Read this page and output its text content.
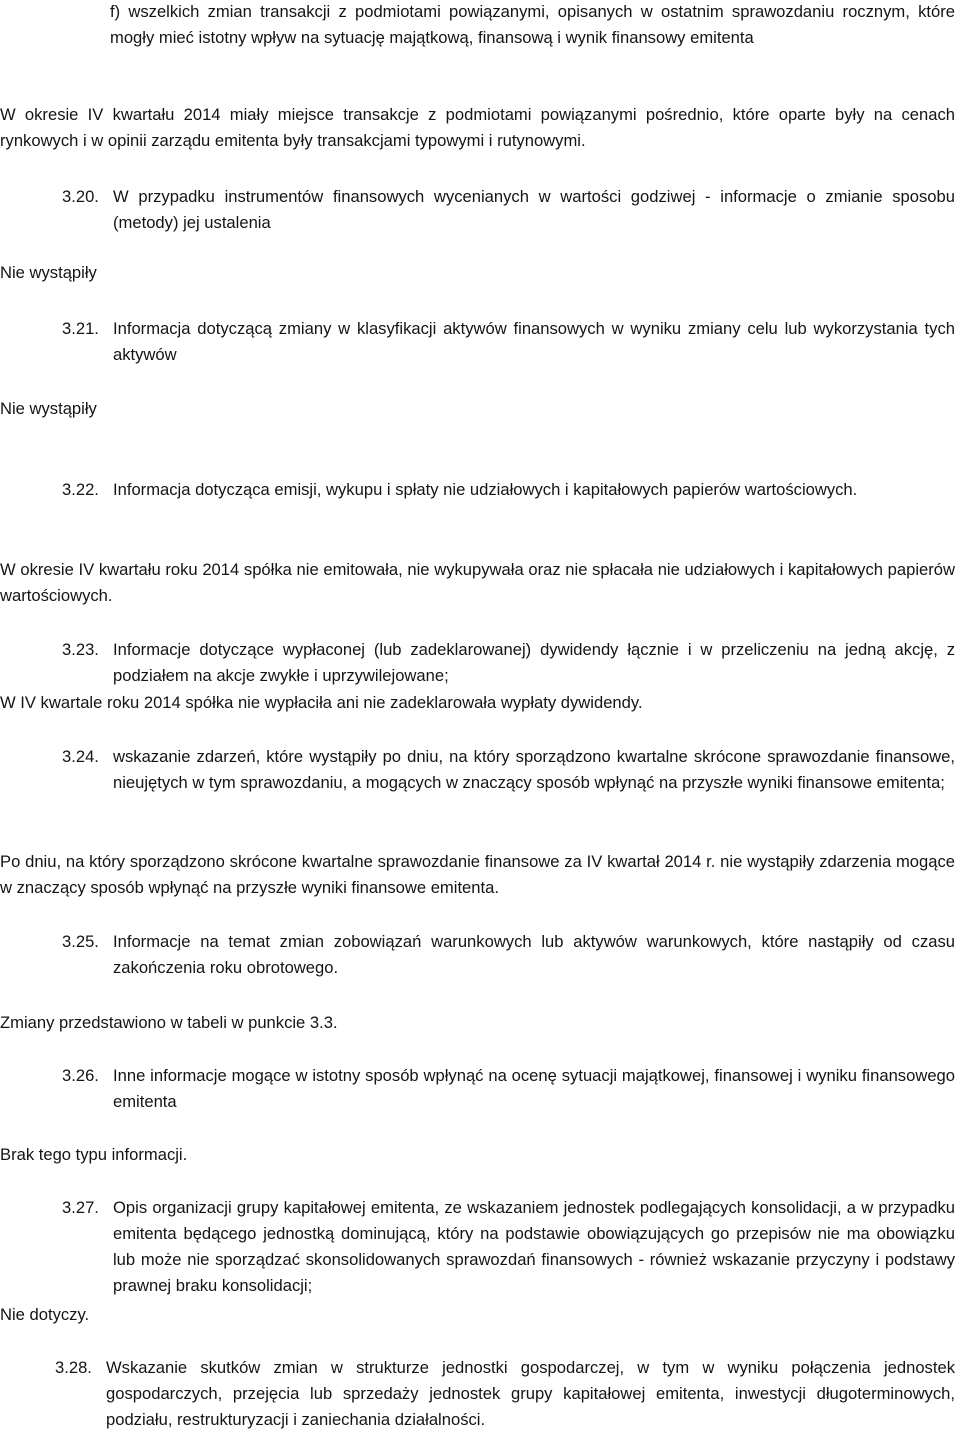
f) wszelkich zmian transakcji z podmiotami powiązanymi, opisanych w ostatnim sprawozdaniu rocznym, które mogły mieć istotny wpływ na sytuację majątkową, finansową i wynik finansowy emitenta
W okresie IV kwartału 2014 miały miejsce transakcje z podmiotami powiązanymi pośrednio, które oparte były na cenach rynkowych i w opinii zarządu emitenta były transakcjami typowymi i rutynowymi.
3.20. W przypadku instrumentów finansowych wycenianych w wartości godziwej - informacje o zmianie sposobu (metody) jej ustalenia
Nie wystąpiły
3.21. Informacja dotyczącą zmiany w klasyfikacji aktywów finansowych w wyniku zmiany celu lub wykorzystania tych aktywów
Nie wystąpiły
3.22. Informacja dotycząca emisji, wykupu i spłaty nie udziałowych i kapitałowych papierów wartościowych.
W okresie IV kwartału roku 2014 spółka nie emitowała, nie wykupywała oraz nie spłacała nie udziałowych i kapitałowych papierów wartościowych.
3.23. Informacje dotyczące wypłaconej (lub zadeklarowanej) dywidendy łącznie i w przeliczeniu na jedną akcję, z podziałem na akcje zwykłe i uprzywilejowane;
W IV kwartale roku 2014 spółka nie wypłaciła ani nie zadeklarowała wypłaty dywidendy.
3.24. wskazanie zdarzeń, które wystąpiły po dniu, na który sporządzono kwartalne skrócone sprawozdanie finansowe, nieujętych w tym sprawozdaniu, a mogących w znaczący sposób wpłynąć na przyszłe wyniki finansowe emitenta;
Po dniu, na który sporządzono skrócone kwartalne sprawozdanie finansowe za IV kwartał 2014 r. nie wystąpiły zdarzenia mogące w znaczący sposób wpłynąć na przyszłe wyniki finansowe emitenta.
3.25. Informacje na temat zmian zobowiązań warunkowych lub aktywów warunkowych, które nastąpiły od czasu zakończenia roku obrotowego.
Zmiany przedstawiono w tabeli w punkcie 3.3.
3.26. Inne informacje mogące w istotny sposób wpłynąć na ocenę sytuacji majątkowej, finansowej i wyniku finansowego emitenta
Brak tego typu informacji.
3.27. Opis organizacji grupy kapitałowej emitenta, ze wskazaniem jednostek podlegających konsolidacji, a w przypadku emitenta będącego jednostką dominującą, który na podstawie obowiązujących go przepisów nie ma obowiązku lub może nie sporządzać skonsolidowanych sprawozdań finansowych - również wskazanie przyczyny i podstawy prawnej braku konsolidacji;
Nie dotyczy.
3.28. Wskazanie skutków zmian w strukturze jednostki gospodarczej, w tym w wyniku połączenia jednostek gospodarczych, przejęcia lub sprzedaży jednostek grupy kapitałowej emitenta, inwestycji długoterminowych, podziału, restrukturyzacji i zaniechania działalności.
